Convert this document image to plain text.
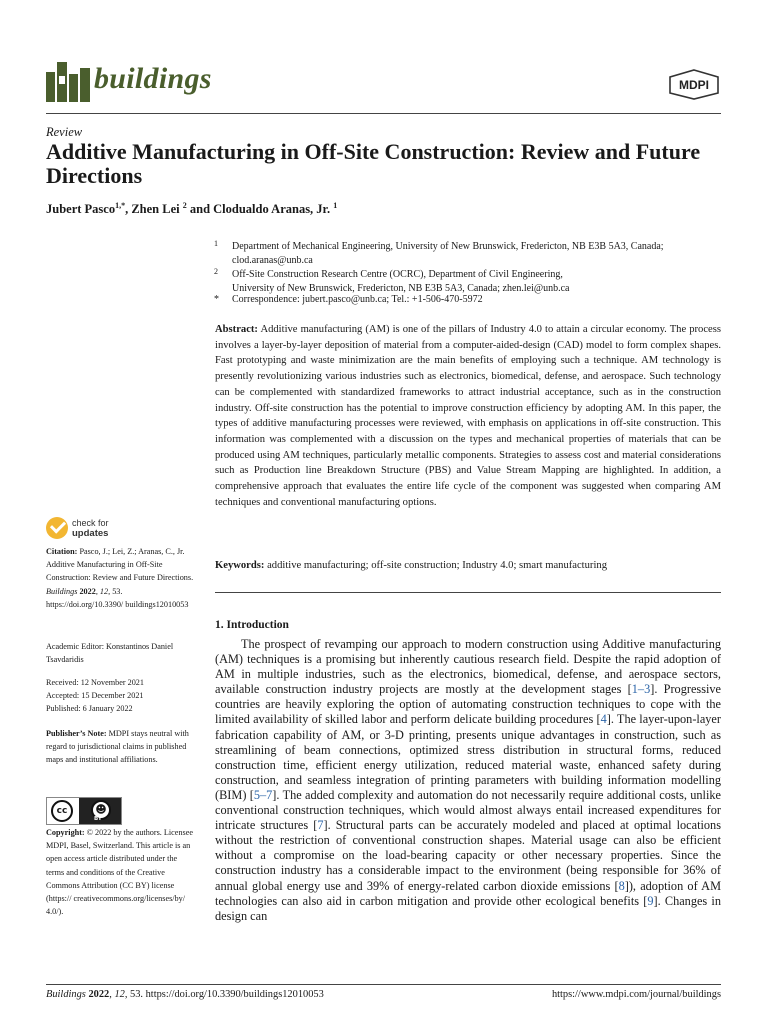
buildings	MDPI
Review
Additive Manufacturing in Off-Site Construction: Review and Future Directions
Jubert Pasco$^{1,*}$, Zhen Lei $^2$ and Clodualdo Aranas, Jr. $^1$
1 Department of Mechanical Engineering, University of New Brunswick, Fredericton, NB E3B 5A3, Canada;
clod.aranas@unb.ca
2 Off-Site Construction Research Centre (OCRC), Department of Civil Engineering,
University of New Brunswick, Fredericton, NB E3B 5A3, Canada; zhen.lei@unb.ca
* Correspondence: jubert.pasco@unb.ca; Tel.: +1-506-470-5972
Abstract: Additive manufacturing (AM) is one of the pillars of Industry 4.0 to attain a circular economy. The process involves a layer-by-layer deposition of material from a computer-aided-design (CAD) model to form complex shapes. Fast prototyping and waste minimization are the main benefits of employing such a technique. AM technology is presently revolutionizing various industries such as electronics, biomedical, defense, and aerospace. Such technology can be complemented with standardized frameworks to attract industrial acceptance, such as in the construction industry. Off-site construction has the potential to improve construction efficiency by adopting AM. In this paper, the types of additive manufacturing processes were reviewed, with emphasis on applications in off-site construction. This information was complemented with a discussion on the types and mechanical properties of materials that can be produced using AM techniques, particularly metallic components. Strategies to assess cost and material considerations such as Production line Breakdown Structure (PBS) and Value Stream Mapping are highlighted. In addition, a comprehensive approach that evaluates the entire life cycle of the component was suggested when comparing AM techniques and conventional manufacturing options.
Keywords: additive manufacturing; off-site construction; Industry 4.0; smart manufacturing
1. Introduction

The prospect of revamping our approach to modern construction using Additive manufacturing (AM) techniques is a promising but inherently cautious research field. Despite the rapid adoption of AM in multiple industries, such as the electronics, biomedical, defense, and aerospace sectors, available construction industry projects are mostly at the development stages [1–3]. Progressive countries are heavily exploring the option of automating construction techniques to cope with the limited availability of skilled labor and perform delicate building procedures [4]. The layer-upon-layer fabrication capability of AM, or 3-D printing, presents unique advantages in construction, such as streamlining of beam connections, optimized stress distribution in structural forms, reduced construction time, efficient energy utilization, reduced material waste, enhanced safety during construction, and seamless integration of printing parameters with building information modelling (BIM) [5–7]. The added complexity and automation do not necessarily require additional costs, unlike conventional construction techniques, which would almost always entail increased expenditures for intricate structures [7]. Structural parts can be accurately modeled and placed at optimal locations without the restriction of conventional construction shapes. Material usage can also be efficient without a compromise on the load-bearing capacity or other necessary properties. Since the construction industry has a considerable impact to the environment (being responsible for 36% of annual global energy use and 39% of energy-related carbon dioxide emissions [8]), adoption of AM technologies can also aid in carbon mitigation and provide other ecological benefits [9]. Changes in design can

check for
updates
Citation: Pasco, J.; Lei, Z.; Aranas, C., Jr. Additive Manufacturing in Off-Site Construction: Review and Future Directions. Buildings 2022, 12, 53. https://doi.org/10.3390/ buildings12010053
Academic Editor: Konstantinos Daniel Tsavdaridis
Received: 12 November 2021
Accepted: 15 December 2021
Published: 6 January 2022
Publisher’s Note: MDPI stays neutral with regard to jurisdictional claims in published maps and institutional affiliations.
cc	☻
BY
Copyright: © 2022 by the authors. Licensee MDPI, Basel, Switzerland. This article is an open access article distributed under the terms and conditions of the Creative Commons Attribution (CC BY) license (https:// creativecommons.org/licenses/by/ 4.0/).
Buildings 2022, 12, 53. https://doi.org/10.3390/buildings12010053	https://www.mdpi.com/journal/buildings
